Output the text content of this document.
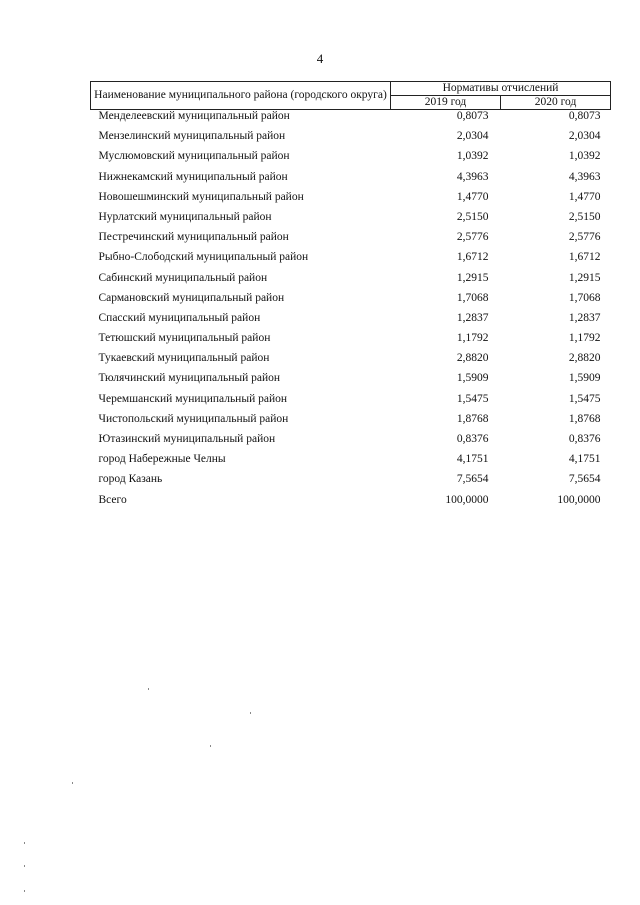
4
Наименование муниципального района (городского округа)	Нормативы отчислений	
	2019 год	2020 год
Менделеевский муниципальный район	0,8073	0,8073
Мензелинский муниципальный район	2,0304	2,0304
Муслюмовский муниципальный район	1,0392	1,0392
Нижнекамский муниципальный район	4,3963	4,3963
Новошешминский муниципальный район	1,4770	1,4770
Нурлатский муниципальный район	2,5150	2,5150
Пестречинский муниципальный район	2,5776	2,5776
Рыбно-Слободский муниципальный район	1,6712	1,6712
Сабинский муниципальный район	1,2915	1,2915
Сармановский муниципальный район	1,7068	1,7068
Спасский муниципальный район	1,2837	1,2837
Тетюшский муниципальный район	1,1792	1,1792
Тукаевский муниципальный район	2,8820	2,8820
Тюлячинский муниципальный район	1,5909	1,5909
Черемшанский муниципальный район	1,5475	1,5475
Чистопольский муниципальный район	1,8768	1,8768
Ютазинский муниципальный район	0,8376	0,8376
город Набережные Челны	4,1751	4,1751
город Казань	7,5654	7,5654
Всего	100,0000	100,0000
